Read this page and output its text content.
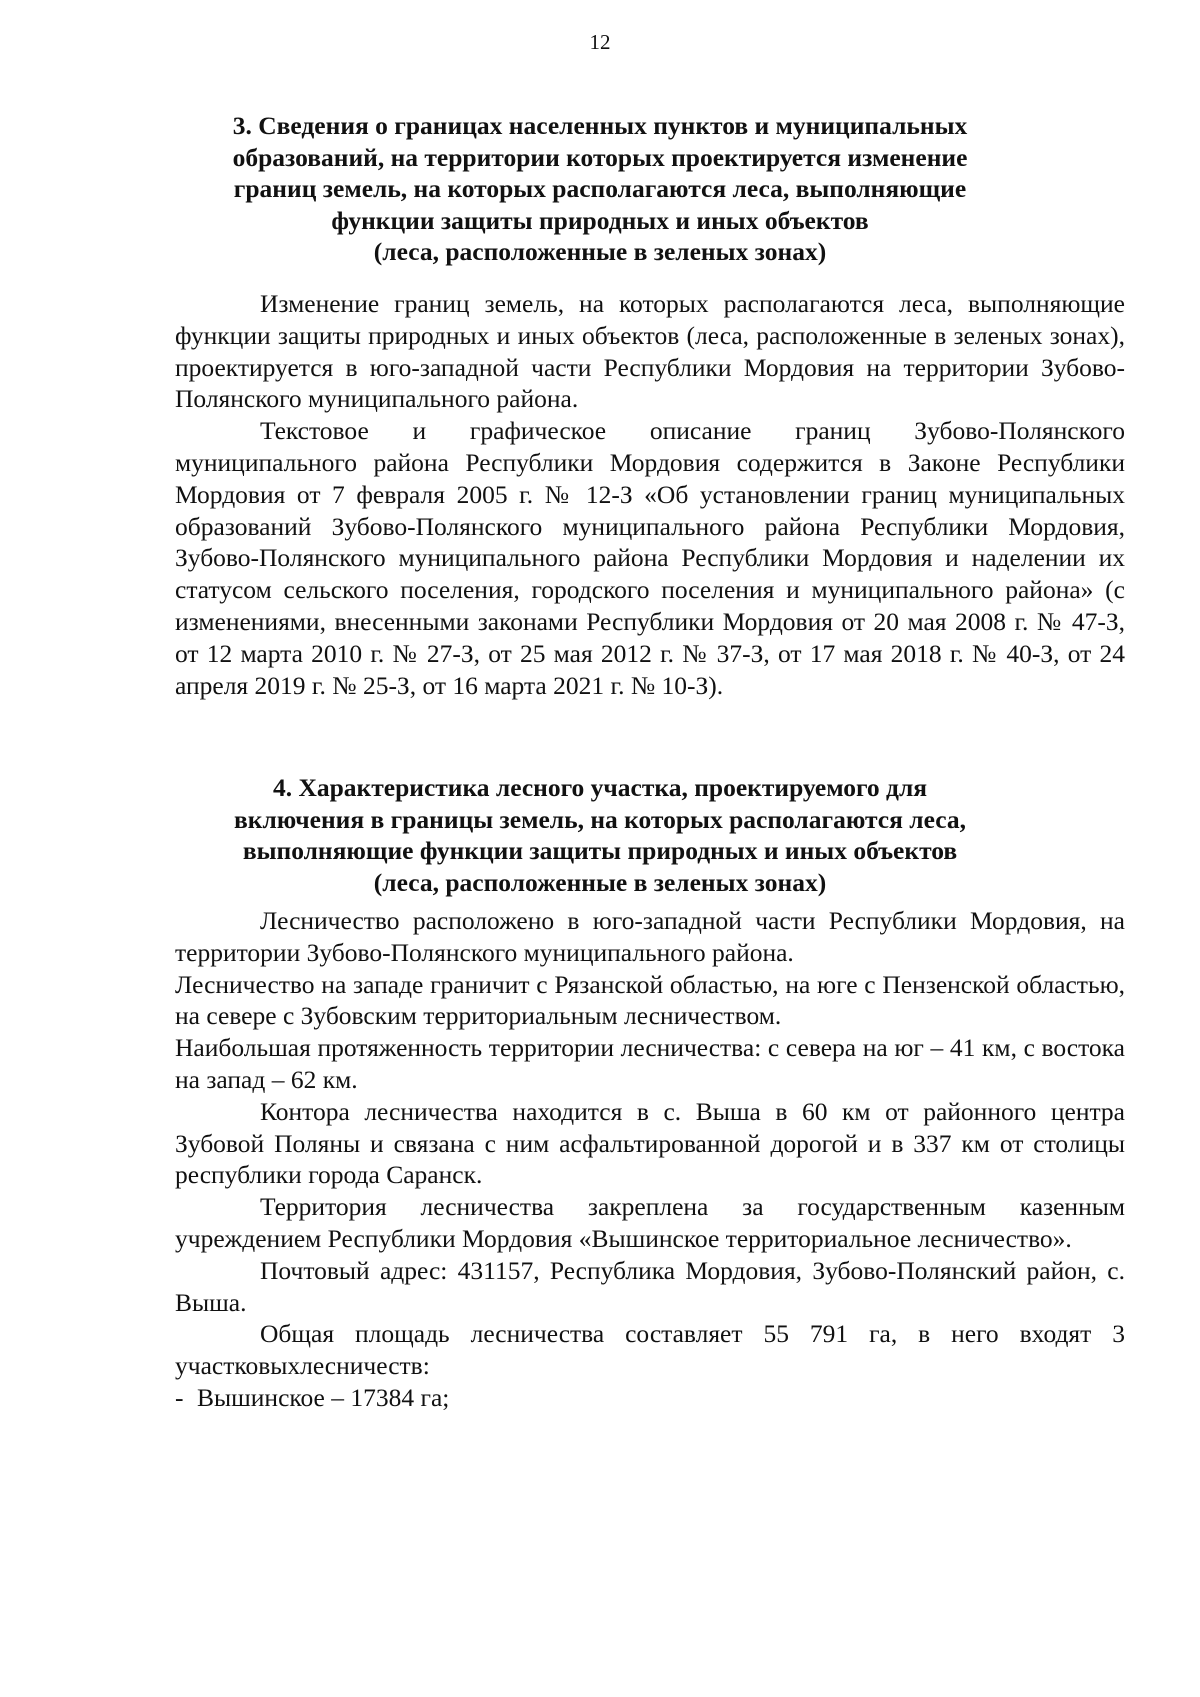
12
3. Сведения о границах населенных пунктов и муниципальных
образований, на территории которых проектируется изменение
границ земель, на которых располагаются леса, выполняющие
функции защиты природных и иных объектов
(леса, расположенные в зеленых зонах)

Изменение границ земель, на которых располагаются леса, выполняющие функции защиты природных и иных объектов (леса, расположенные в зеленых зонах), проектируется в юго-западной части Республики Мордовия на территории Зубово-Полянского муниципального района.

Текстовое и графическое описание границ Зубово-Полянского муниципального района Республики Мордовия содержится в Законе Республики Мордовия от 7 февраля 2005 г. № 12-З «Об установлении границ муниципальных образований Зубово-Полянского муниципального района Республики Мордовия, Зубово-Полянского муниципального района Республики Мордовия и наделении их статусом сельского поселения, городского поселения и муниципального района» (с изменениями, внесенными законами Республики Мордовия от 20 мая 2008 г. № 47-З, от 12 марта 2010 г. № 27-З, от 25 мая 2012 г. № 37-З, от 17 мая 2018 г. № 40-З, от 24 апреля 2019 г. № 25-З, от 16 марта 2021 г. № 10-З).

4. Характеристика лесного участка, проектируемого для
включения в границы земель, на которых располагаются леса,
выполняющие функции защиты природных и иных объектов
(леса, расположенные в зеленых зонах)

Лесничество расположено в юго-западной части Республики Мордовия, на территории Зубово-Полянского муниципального района.

Лесничество на западе граничит с Рязанской областью, на юге с Пензенской областью, на севере с Зубовским территориальным лесничеством.

Наибольшая протяженность территории лесничества: с севера на юг – 41 км, с востока на запад – 62 км.

Контора лесничества находится в с. Выша в 60 км от районного центра Зубовой Поляны и связана с ним асфальтированной дорогой и в 337 км от столицы республики города Саранск.

Территория лесничества закреплена за государственным казенным учреждением Республики Мордовия «Вышинское территориальное лесничество».

Почтовый адрес: 431157, Республика Мордовия, Зубово-Полянский район, с. Выша.

Общая площадь лесничества составляет 55 791 га, в него входят 3 участковыхлесничеств:

- Вышинское – 17384 га;
